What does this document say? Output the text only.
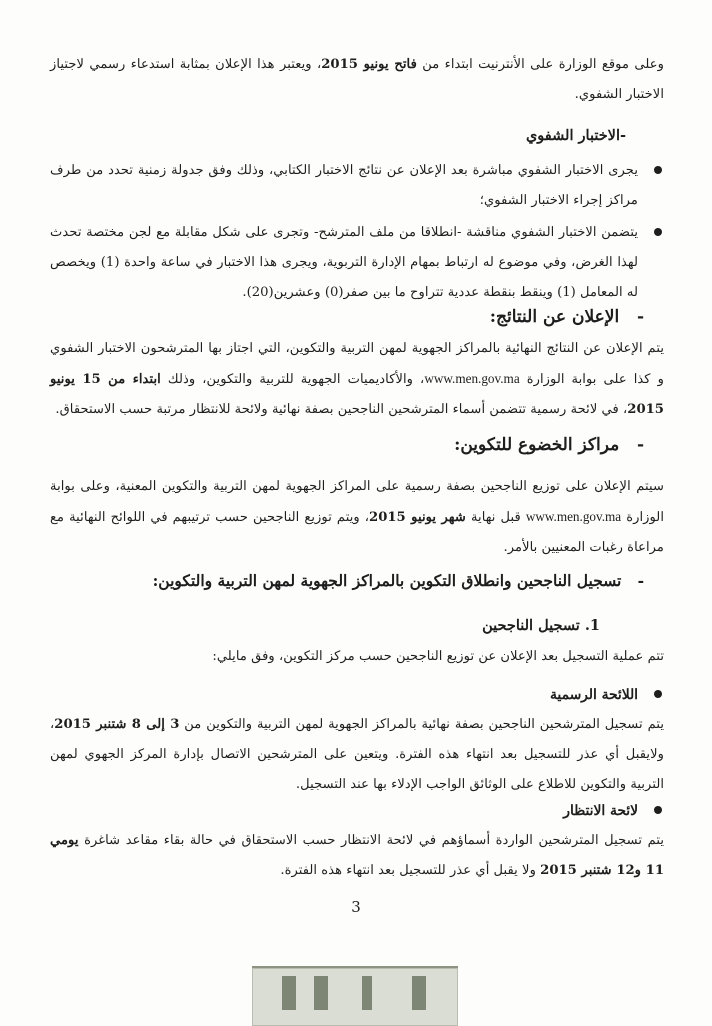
وعلى موقع الوزارة على الأنترنيت ابتداء من فاتح يونيو 2015، ويعتبر هذا الإعلان بمثابة استدعاء رسمي لاجتياز الاختبار الشفوي.
-الاختبار الشفوي
يجرى الاختبار الشفوي مباشرة بعد الإعلان عن نتائج الاختبار الكتابي، وذلك وفق جدولة زمنية تحدد من طرف مراكز إجراء الاختبار الشفوي؛
يتضمن الاختبار الشفوي مناقشة -انطلاقا من ملف المترشح- وتجرى على شكل مقابلة مع لجن مختصة تحدث لهذا الغرض، وفي موضوع له ارتباط بمهام الإدارة التربوية، ويجرى هذا الاختبار في ساعة واحدة (1) ويخصص له المعامل (1) وينقط بنقطة عددية تتراوح ما بين صفر(0) وعشرين(20).
-   الإعلان عن النتائج:
يتم الإعلان عن النتائج النهائية بالمراكز الجهوية لمهن التربية والتكوين، التي اجتاز بها المترشحون الاختبار الشفوي و كذا على بوابة الوزارة www.men.gov.ma، والأكاديميات الجهوية للتربية والتكوين، وذلك ابتداء من 15 يونيو 2015، في لائحة رسمية تتضمن أسماء المترشحين الناجحين بصفة نهائية ولائحة للانتظار مرتبة حسب الاستحقاق.
-   مراكز الخضوع للتكوين:
سيتم الإعلان على توزيع الناجحين بصفة رسمية على المراكز الجهوية لمهن التربية والتكوين المعنية، وعلى بوابة الوزارة www.men.gov.ma قبل نهاية شهر يونيو 2015، ويتم توزيع الناجحين حسب ترتيبهم في اللوائح النهائية مع مراعاة رغبات المعنيين بالأمر.
-   تسجيل الناجحين وانطلاق التكوين بالمراكز الجهوية لمهن التربية والتكوين:
1. تسجيل الناجحين
تتم عملية التسجيل بعد الإعلان عن توزيع الناجحين حسب مركز التكوين، وفق مايلي:
اللائحة الرسمية
يتم تسجيل المترشحين الناجحين بصفة نهائية بالمراكز الجهوية لمهن التربية والتكوين من 3 إلى 8 شتنبر 2015، ولايقبل أي عذر للتسجيل بعد انتهاء هذه الفترة. ويتعين على المترشحين الاتصال بإدارة المركز الجهوي لمهن التربية والتكوين للاطلاع على الوثائق الواجب الإدلاء بها عند التسجيل.
لائحة الانتظار
يتم تسجيل المترشحين الواردة أسماؤهم في لائحة الانتظار حسب الاستحقاق في حالة بقاء مقاعد شاغرة يومي 11 و12 شتنبر 2015 ولا يقبل أي عذر للتسجيل بعد انتهاء هذه الفترة.
3
